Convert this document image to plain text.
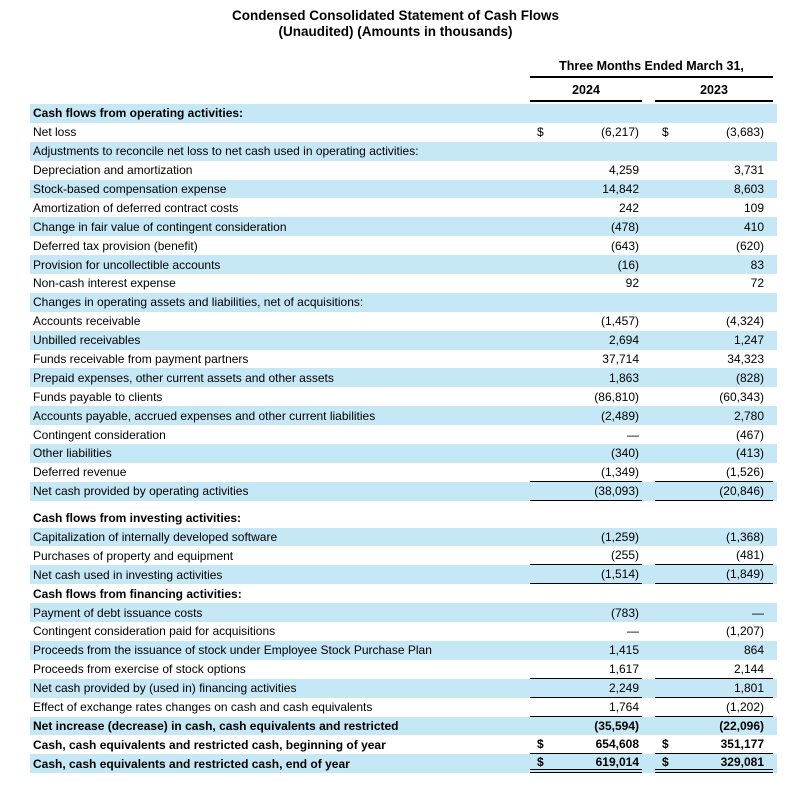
Condensed Consolidated Statement of Cash Flows
(Unaudited) (Amounts in thousands)
Three Months Ended March 31,
2024	2023
Cash flows from operating activities:
Net loss	$	(6,217)	$	(3,683)
Adjustments to reconcile net loss to net cash used in operating activities:
Depreciation and amortization	4,259	3,731
Stock-based compensation expense	14,842	8,603
Amortization of deferred contract costs	242	109
Change in fair value of contingent consideration	(478)	410
Deferred tax provision (benefit)	(643)	(620)
Provision for uncollectible accounts	(16)	83
Non-cash interest expense	92	72
Changes in operating assets and liabilities, net of acquisitions:
Accounts receivable	(1,457)	(4,324)
Unbilled receivables	2,694	1,247
Funds receivable from payment partners	37,714	34,323
Prepaid expenses, other current assets and other assets	1,863	(828)
Funds payable to clients	(86,810)	(60,343)
Accounts payable, accrued expenses and other current liabilities	(2,489)	2,780
Contingent consideration	—	(467)
Other liabilities	(340)	(413)
Deferred revenue	(1,349)	(1,526)
Net cash provided by operating activities	(38,093)	(20,846)
Cash flows from investing activities:
Capitalization of internally developed software	(1,259)	(1,368)
Purchases of property and equipment	(255)	(481)
Net cash used in investing activities	(1,514)	(1,849)
Cash flows from financing activities:
Payment of debt issuance costs	(783)	—
Contingent consideration paid for acquisitions	—	(1,207)
Proceeds from the issuance of stock under Employee Stock Purchase Plan	1,415	864
Proceeds from exercise of stock options	1,617	2,144
Net cash provided by (used in) financing activities	2,249	1,801
Effect of exchange rates changes on cash and cash equivalents	1,764	(1,202)
Net increase (decrease) in cash, cash equivalents and restricted	(35,594)	(22,096)
Cash, cash equivalents and restricted cash, beginning of year	$	654,608	$	351,177
Cash, cash equivalents and restricted cash, end of year	$	619,014	$	329,081
